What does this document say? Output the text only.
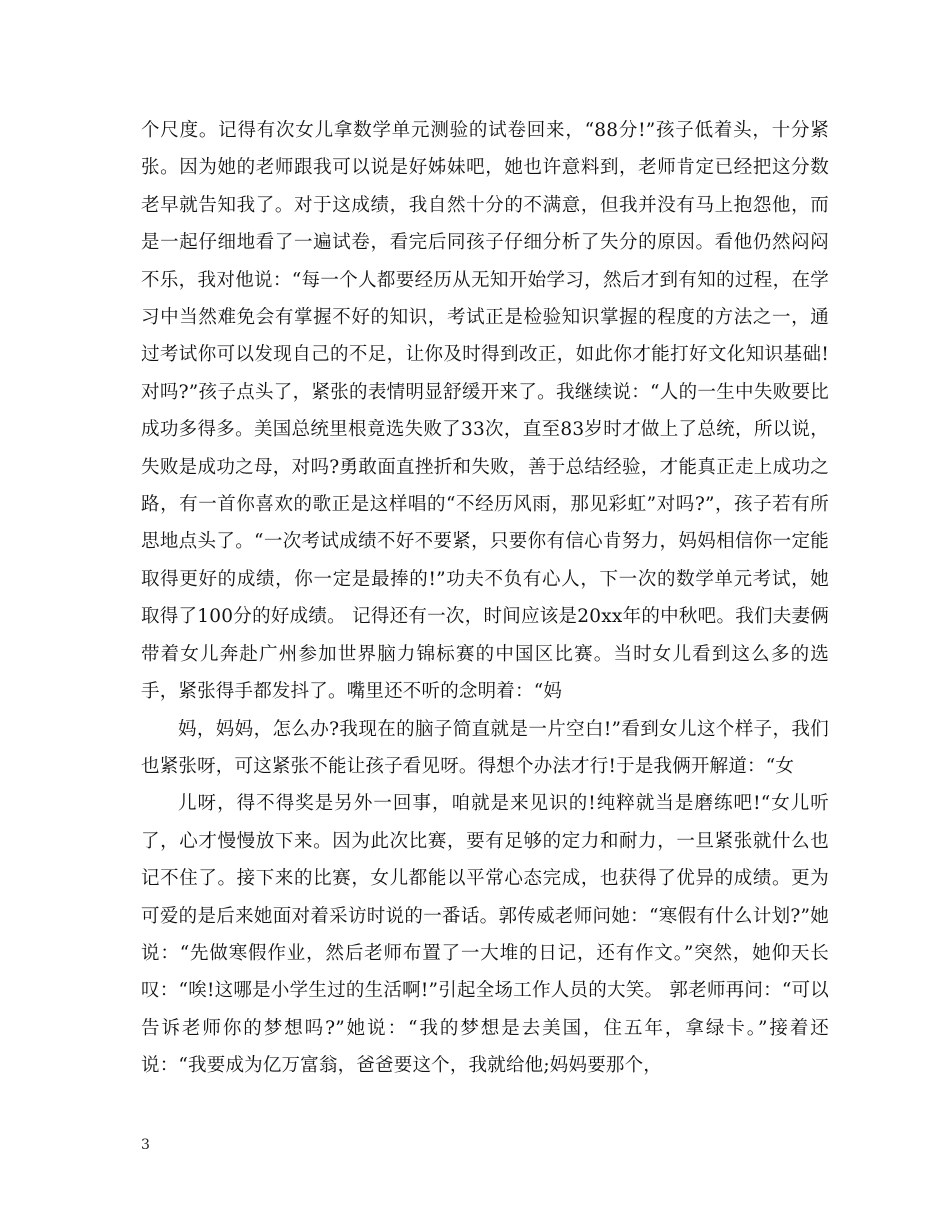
个尺度。记得有次女儿拿数学单元测验的试卷回来，“88分!”孩子低着头，十分紧张。因为她的老师跟我可以说是好姊妹吧，她也许意料到，老师肯定已经把这分数老早就告知我了。对于这成绩，我自然十分的不满意，但我并没有马上抱怨他，而是一起仔细地看了一遍试卷，看完后同孩子仔细分析了失分的原因。看他仍然闷闷不乐，我对他说：“每一个人都要经历从无知开始学习，然后才到有知的过程，在学习中当然难免会有掌握不好的知识，考试正是检验知识掌握的程度的方法之一，通过考试你可以发现自己的不足，让你及时得到改正，如此你才能打好文化知识基础!对吗?”孩子点头了，紧张的表情明显舒缓开来了。我继续说：“人的一生中失败要比成功多得多。美国总统里根竟选失败了33次，直至83岁时才做上了总统，所以说，失败是成功之母，对吗?勇敢面直挫折和失败，善于总结经验，才能真正走上成功之路，有一首你喜欢的歌正是这样唱的“不经历风雨，那见彩虹”对吗?”，孩子若有所思地点头了。“一次考试成绩不好不要紧，只要你有信心肯努力，妈妈相信你一定能取得更好的成绩，你一定是最捧的!”功夫不负有心人，下一次的数学单元考试，她取得了100分的好成绩。 记得还有一次，时间应该是20xx年的中秋吧。我们夫妻俩带着女儿奔赴广州参加世界脑力锦标赛的中国区比赛。当时女儿看到这么多的选手，紧张得手都发抖了。嘴里还不听的念明着：“妈

妈，妈妈，怎么办?我现在的脑子简直就是一片空白!”看到女儿这个样子，我们也紧张呀，可这紧张不能让孩子看见呀。得想个办法才行!于是我俩开解道：“女

儿呀，得不得奖是另外一回事，咱就是来见识的!纯粹就当是磨练吧!“女儿听了，心才慢慢放下来。因为此次比赛，要有足够的定力和耐力，一旦紧张就什么也记不住了。接下来的比赛，女儿都能以平常心态完成，也获得了优异的成绩。更为可爱的是后来她面对着采访时说的一番话。郭传威老师问她：“寒假有什么计划?”她说：“先做寒假作业，然后老师布置了一大堆的日记，还有作文。”突然，她仰天长叹：“唉!这哪是小学生过的生活啊!”引起全场工作人员的大笑。 郭老师再问：“可以告诉老师你的梦想吗?”她说：“我的梦想是去美国，住五年，拿绿卡。”接着还说：“我要成为亿万富翁，爸爸要这个，我就给他;妈妈要那个，

3
